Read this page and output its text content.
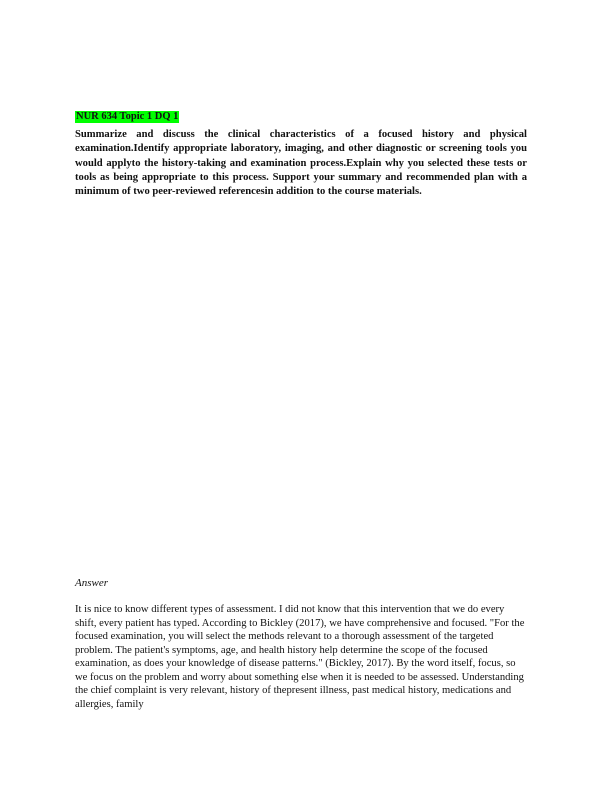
NUR 634 Topic 1 DQ 1
Summarize and discuss the clinical characteristics of a focused history and physical examination.Identify appropriate laboratory, imaging, and other diagnostic or screening tools you would applyto the history-taking and examination process.Explain why you selected these tests or tools as being appropriate to this process. Support your summary and recommended plan with a minimum of two peer-reviewed referencesin addition to the course materials.
Answer
It is nice to know different types of assessment. I did not know that this intervention that we do every shift, every patient has typed. According to Bickley (2017), we have comprehensive and focused. "For the focused examination, you will select the methods relevant to a thorough assessment of the targeted problem. The patient's symptoms, age, and health history help determine the scope of the focused examination, as does your knowledge of disease patterns." (Bickley, 2017). By the word itself, focus, so we focus on the problem and worry about something else when it is needed to be assessed. Understanding the chief complaint is very relevant, history of thepresent illness, past medical history, medications and allergies, family
